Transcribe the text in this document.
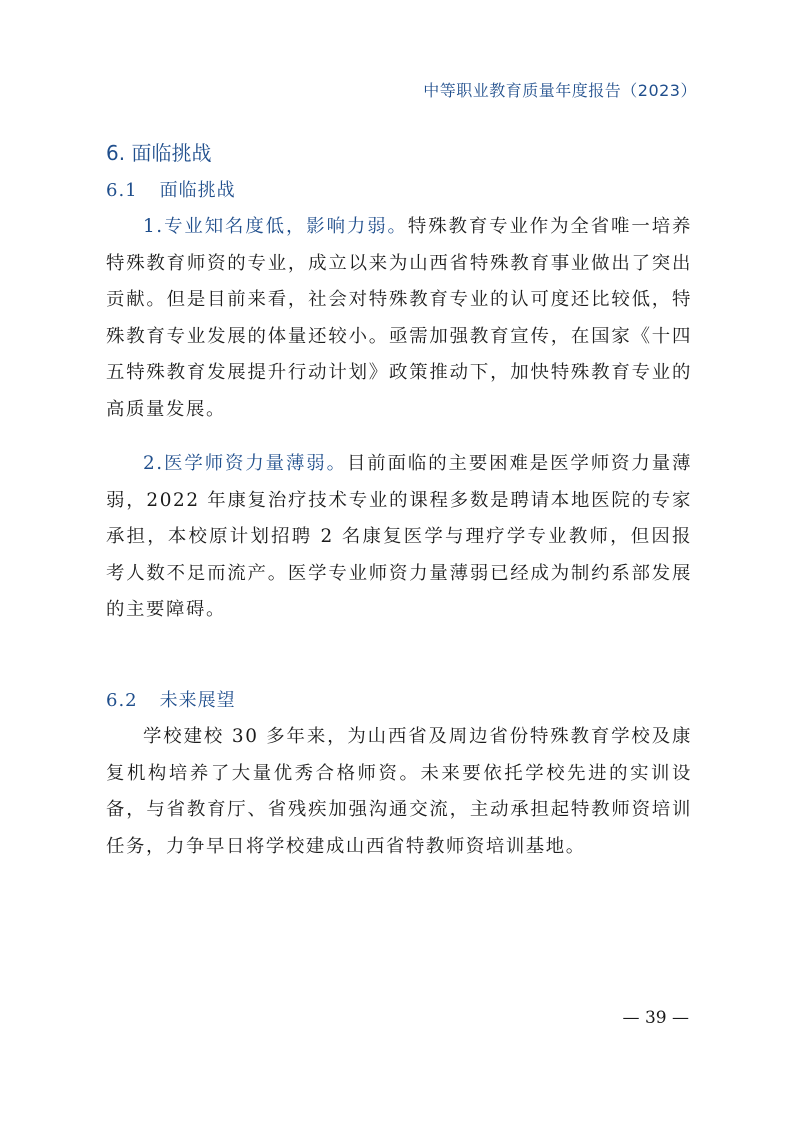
中等职业教育质量年度报告（2023）
6. 面临挑战
6.1 面临挑战

1.专业知名度低，影响力弱。特殊教育专业作为全省唯一培养特殊教育师资的专业，成立以来为山西省特殊教育事业做出了突出贡献。但是目前来看，社会对特殊教育专业的认可度还比较低，特殊教育专业发展的体量还较小。亟需加强教育宣传，在国家《十四五特殊教育发展提升行动计划》政策推动下，加快特殊教育专业的高质量发展。

2.医学师资力量薄弱。目前面临的主要困难是医学师资力量薄弱，2022 年康复治疗技术专业的课程多数是聘请本地医院的专家承担，本校原计划招聘 2 名康复医学与理疗学专业教师，但因报考人数不足而流产。医学专业师资力量薄弱已经成为制约系部发展的主要障碍。

6.2 未来展望

学校建校 30 多年来，为山西省及周边省份特殊教育学校及康复机构培养了大量优秀合格师资。未来要依托学校先进的实训设备，与省教育厅、省残疾加强沟通交流，主动承担起特教师资培训任务，力争早日将学校建成山西省特教师资培训基地。

— 39 —
